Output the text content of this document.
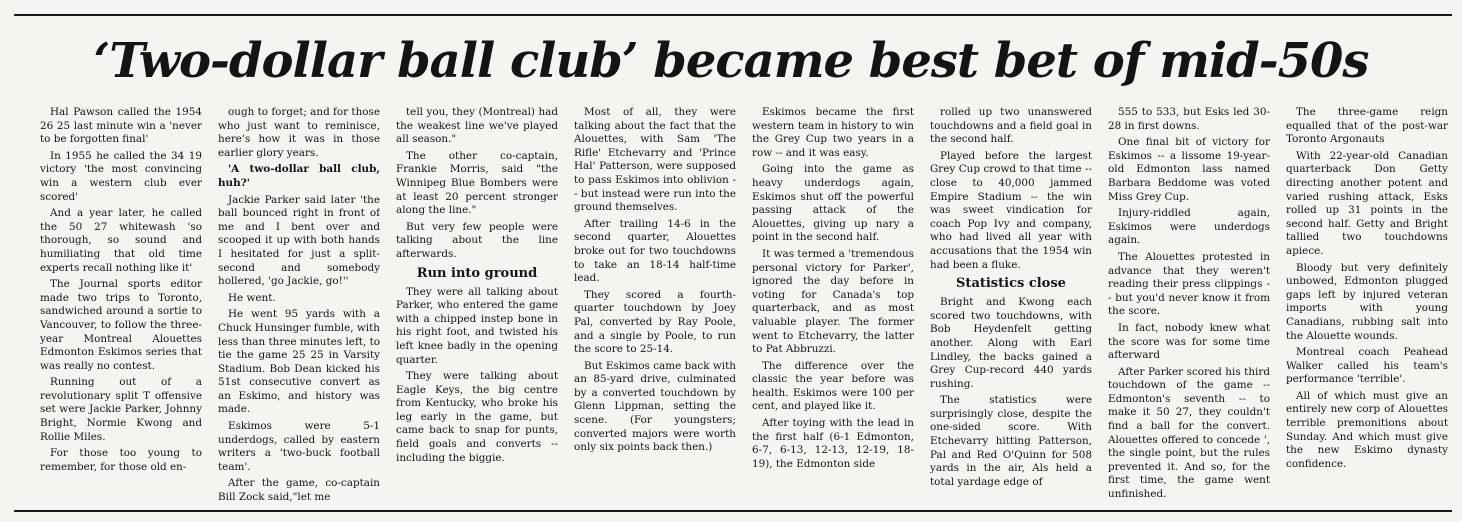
‘Two-dollar ball club’ became best bet of mid-50s

Hal Pawson called the 1954 26 25 last minute win a 'never to be forgotten final'

In 1955 he called the 34 19 victory 'the most convincing win a western club ever scored'

And a year later, he called the 50 27 whitewash 'so thorough, so sound and humiliating that old time experts recall nothing like it'

The Journal sports editor made two trips to Toronto, sandwiched around a sortie to Vancouver, to follow the three-year Montreal Alouettes Edmonton Eskimos series that was really no contest.

Running out of a revolutionary split T offensive set were Jackie Parker, Johnny Bright, Normie Kwong and Rollie Miles.

For those too young to remember, for those old en-

ough to forget; and for those who just want to reminisce, here's how it was in those earlier glory years.

'A two-dollar ball club, huh?'

Jackie Parker said later 'the ball bounced right in front of me and I bent over and scooped it up with both hands I hesitated for just a split-second and somebody hollered, 'go Jackie, go!''

He went.

He went 95 yards with a Chuck Hunsinger fumble, with less than three minutes left, to tie the game 25 25 in Varsity Stadium. Bob Dean kicked his 51st consecutive convert as an Eskimo, and history was made.

Eskimos were 5-1 underdogs, called by eastern writers a 'two-buck football team'.

After the game, co-captain Bill Zock said,"let me

tell you, they (Montreal) had the weakest line we've played all season."

The other co-captain, Frankie Morris, said "the Winnipeg Blue Bombers were at least 20 percent stronger along the line."

But very few people were talking about the line afterwards.

Run into ground

They were all talking about Parker, who entered the game with a chipped instep bone in his right foot, and twisted his left knee badly in the opening quarter.

They were talking about Eagle Keys, the big centre from Kentucky, who broke his leg early in the game, but came back to snap for punts, field goals and converts -- including the biggie.

Most of all, they were talking about the fact that the Alouettes, with Sam 'The Rifle' Etchevarry and 'Prince Hal' Patterson, were supposed to pass Eskimos into oblivion -- but instead were run into the ground themselves.

After trailing 14-6 in the second quarter, Alouettes broke out for two touchdowns to take an 18-14 half-time lead.

They scored a fourth-quarter touchdown by Joey Pal, converted by Ray Poole, and a single by Poole, to run the score to 25-14.

But Eskimos came back with an 85-yard drive, culminated by a converted touchdown by Glenn Lippman, setting the scene. (For youngsters; converted majors were worth only six points back then.)

Eskimos became the first western team in history to win the Grey Cup two years in a row -- and it was easy.

Going into the game as heavy underdogs again, Eskimos shut off the powerful passing attack of the Alouettes, giving up nary a point in the second half.

It was termed a 'tremendous personal victory for Parker', ignored the day before in voting for Canada's top quarterback, and as most valuable player. The former went to Etchevarry, the latter to Pat Abbruzzi.

The difference over the classic the year before was health. Eskimos were 100 per cent, and played like it.

After toying with the lead in the first half (6-1 Edmonton, 6-7, 6-13, 12-13, 12-19, 18-19), the Edmonton side

rolled up two unanswered touchdowns and a field goal in the second half.

Played before the largest Grey Cup crowd to that time -- close to 40,000 jammed Empire Stadium -- the win was sweet vindication for coach Pop Ivy and company, who had lived all year with accusations that the 1954 win had been a fluke.

Statistics close

Bright and Kwong each scored two touchdowns, with Bob Heydenfelt getting another. Along with Earl Lindley, the backs gained a Grey Cup-record 440 yards rushing.

The statistics were surprisingly close, despite the one-sided score. With Etchevarry hitting Patterson, Pal and Red O'Quinn for 508 yards in the air, Als held a total yardage edge of

555 to 533, but Esks led 30-28 in first downs.

One final bit of victory for Eskimos -- a lissome 19-year-old Edmonton lass named Barbara Beddome was voted Miss Grey Cup.

Injury-riddled again, Eskimos were underdogs again.

The Alouettes protested in advance that they weren't reading their press clippings -- but you'd never know it from the score.

In fact, nobody knew what the score was for some time afterward

After Parker scored his third touchdown of the game -- Edmonton's seventh -- to make it 50 27, they couldn't find a ball for the convert. Alouettes offered to concede ', the single point, but the rules prevented it. And so, for the first time, the game went unfinished.

The three-game reign equalled that of the post-war Toronto Argonauts

With 22-year-old Canadian quarterback Don Getty directing another potent and varied rushing attack, Esks rolled up 31 points in the second half. Getty and Bright tallied two touchdowns apiece.

Bloody but very definitely unbowed, Edmonton plugged gaps left by injured veteran imports with young Canadians, rubbing salt into the Alouette wounds.

Montreal coach Peahead Walker called his team's performance 'terrible'.

All of which must give an entirely new corp of Alouettes terrible premonitions about Sunday. And which must give the new Eskimo dynasty confidence.
